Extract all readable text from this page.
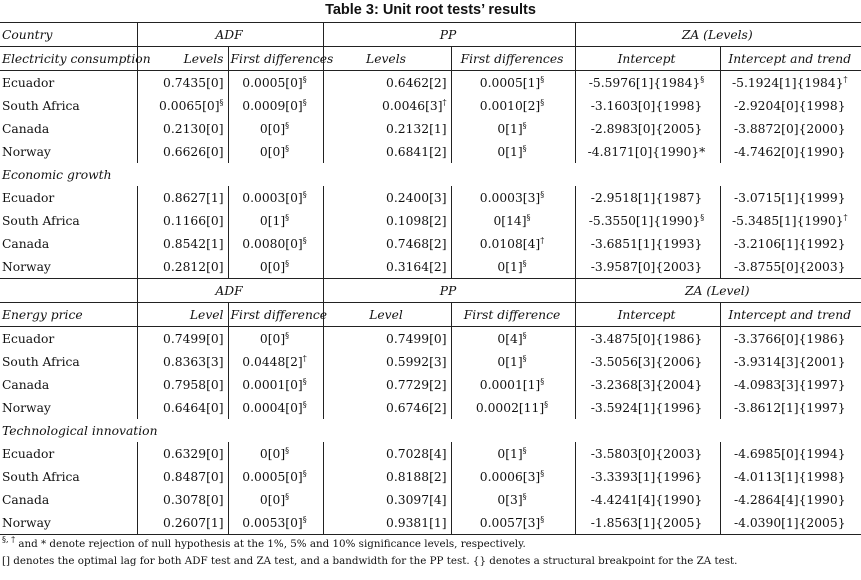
Table 3: Unit root tests’ results
Country	ADF		PP		ZA (Levels)	
Electricity consumption	Levels	First differences	Levels	First differences	Intercept	Intercept and trend
Ecuador	0.7435[0]	0.0005[0]§	0.6462[2]	0.0005[1]§	-5.5976[1]{1984}§	-5.1924[1]{1984}†
South Africa	0.0065[0]§	0.0009[0]§	0.0046[3]†	0.0010[2]§	-3.1603[0]{1998}	-2.9204[0]{1998}
Canada	0.2130[0]	0[0]§	0.2132[1]	0[1]§	-2.8983[0]{2005}	-3.8872[0]{2000}
Norway	0.6626[0]	0[0]§	0.6841[2]	0[1]§	-4.8171[0]{1990}*	-4.7462[0]{1990}
Economic growth						
Ecuador	0.8627[1]	0.0003[0]§	0.2400[3]	0.0003[3]§	-2.9518[1]{1987}	-3.0715[1]{1999}
South Africa	0.1166[0]	0[1]§	0.1098[2]	0[14]§	-5.3550[1]{1990}§	-5.3485[1]{1990}†
Canada	0.8542[1]	0.0080[0]§	0.7468[2]	0.0108[4]†	-3.6851[1]{1993}	-3.2106[1]{1992}
Norway	0.2812[0]	0[0]§	0.3164[2]	0[1]§	-3.9587[0]{2003}	-3.8755[0]{2003}
	ADF		PP		ZA (Level)	
Energy price	Level	First difference	Level	First difference	Intercept	Intercept and trend
Ecuador	0.7499[0]	0[0]§	0.7499[0]	0[4]§	-3.4875[0]{1986}	-3.3766[0]{1986}
South Africa	0.8363[3]	0.0448[2]†	0.5992[3]	0[1]§	-3.5056[3]{2006}	-3.9314[3]{2001}
Canada	0.7958[0]	0.0001[0]§	0.7729[2]	0.0001[1]§	-3.2368[3]{2004}	-4.0983[3]{1997}
Norway	0.6464[0]	0.0004[0]§	0.6746[2]	0.0002[11]§	-3.5924[1]{1996}	-3.8612[1]{1997}
Technological innovation						
Ecuador	0.6329[0]	0[0]§	0.7028[4]	0[1]§	-3.5803[0]{2003}	-4.6985[0]{1994}
South Africa	0.8487[0]	0.0005[0]§	0.8188[2]	0.0006[3]§	-3.3393[1]{1996}	-4.0113[1]{1998}
Canada	0.3078[0]	0[0]§	0.3097[4]	0[3]§	-4.4241[4]{1990}	-4.2864[4]{1990}
Norway	0.2607[1]	0.0053[0]§	0.9381[1]	0.0057[3]§	-1.8563[1]{2005}	-4.0390[1]{2005}
§, † and * denote rejection of null hypothesis at the 1%, 5% and 10% significance levels, respectively.
[] denotes the optimal lag for both ADF test and ZA test, and a bandwidth for the PP test. {} denotes a structural breakpoint for the ZA test.
